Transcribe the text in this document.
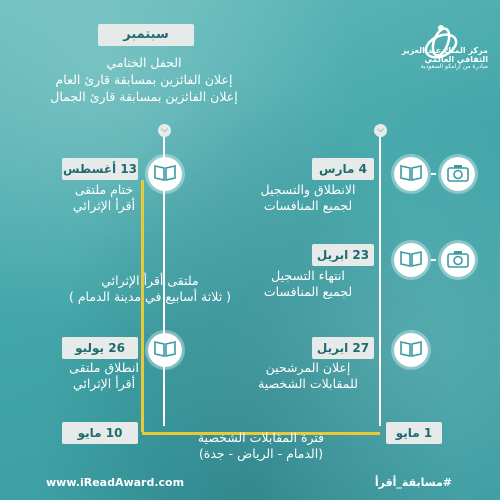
مركز الملك عبد العزيز
الثقافي العالمي
مبادرة من أرامكو السعودية
سبتمبر
الحفل الختامي
إعلان الفائزين بمسابقة قارئ العام
إعلان الفائزين بمسابقة قارئ الجمال
⌵
⌵
4 مارس
الانطلاق والتسجيل
لجميع المنافسات
23 ابريل
انتهاء التسجيل
لجميع المنافسات
27 ابريل
إعلان المرشحين
للمقابلات الشخصية
1 مايو
13 أغسطس
ختام ملتقى
أقرأ الإثرائي
ملتقى أقرأ الإثرائي
( ثلاثة أسابيع في مدينة الدمام )
26 يوليو
انطلاق ملتقى
أقرأ الإثرائي
10 مايو	فترة المقابلات الشخصية
(الدمام - الرياض - جدة)
www.iReadAward.com	#مسابقة_أقرأ
